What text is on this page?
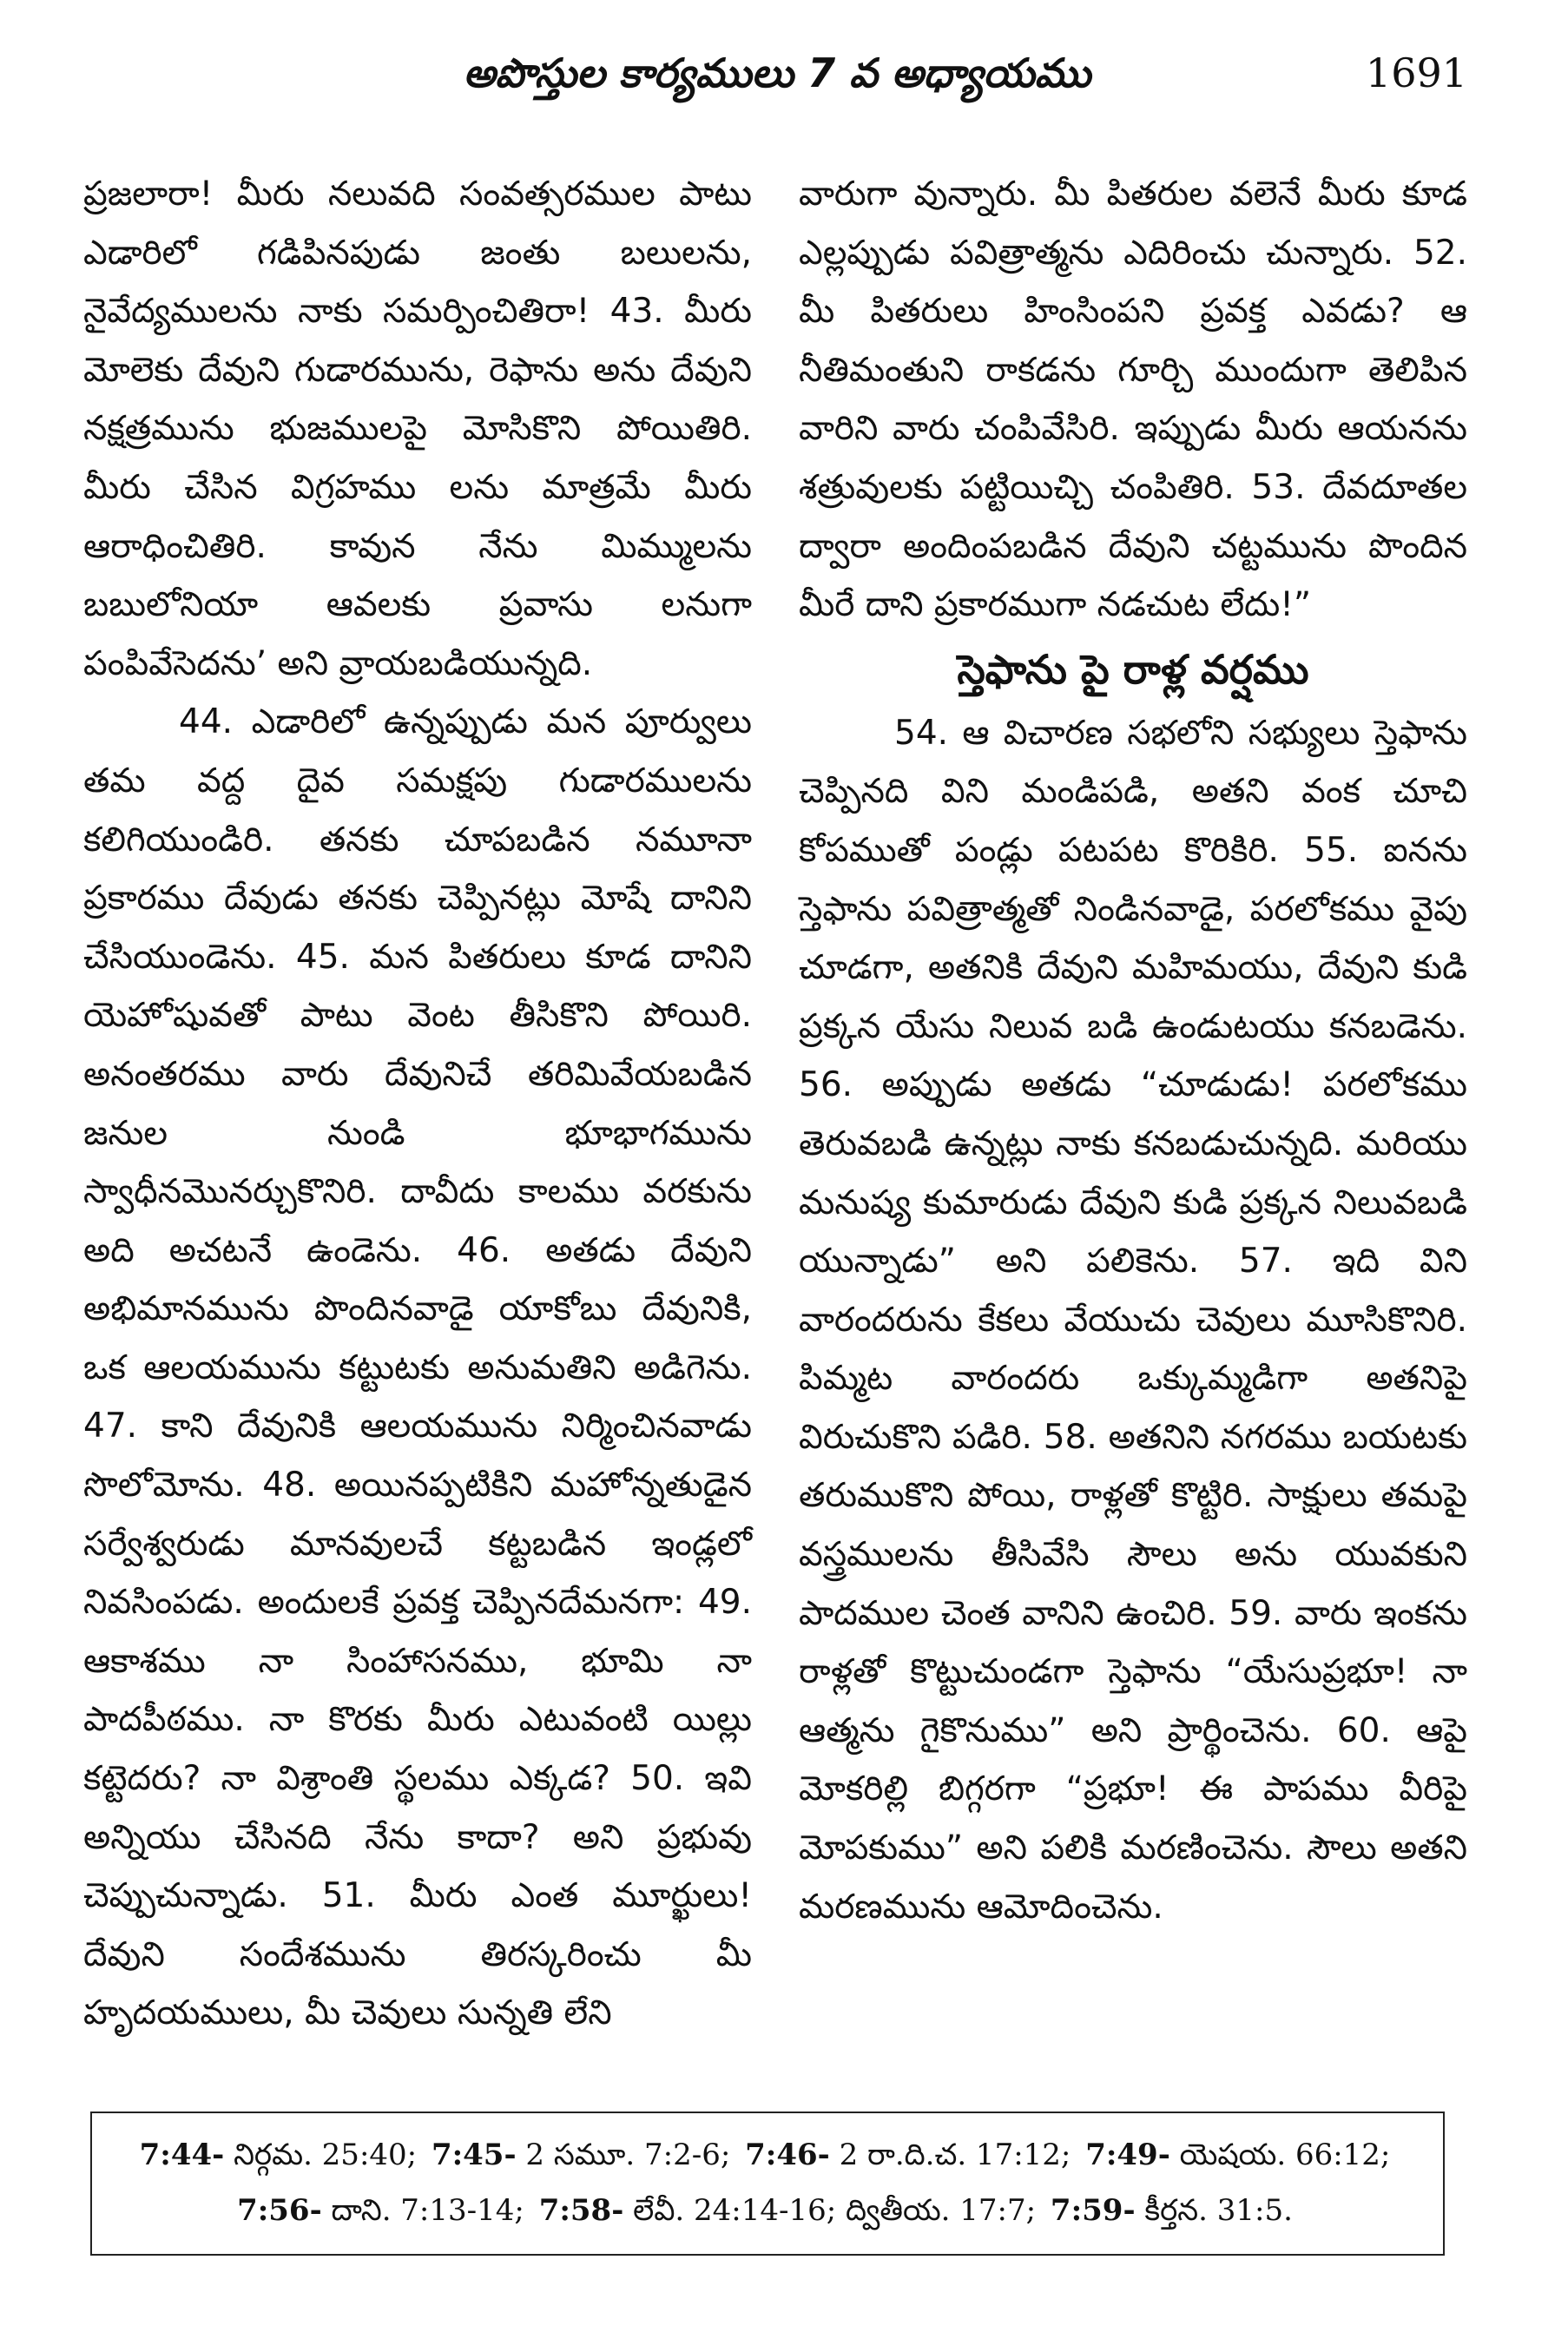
అపొస్తుల కార్యములు 7 వ అధ్యాయము	1691

ప్రజలారా! మీరు నలువది సంవత్సరముల పాటు ఎడారిలో గడిపినపుడు జంతు బలులను, నైవేద్యములను నాకు సమర్పించితిరా! 43. మీరు మోలెకు దేవుని గుడారమును, రెఫాను అను దేవుని నక్షత్రమును భుజములపై మోసికొని పోయితిరి. మీరు చేసిన విగ్రహము లను మాత్రమే మీరు ఆరాధించితిరి. కావున నేను మిమ్ములను బబులోనియా ఆవలకు ప్రవాసు లనుగా పంపివేసెదను’ అని వ్రాయబడియున్నది.

44. ఎడారిలో ఉన్నప్పుడు మన పూర్వులు తమ వద్ద దైవ సమక్షపు గుడారములను కలిగియుండిరి. తనకు చూపబడిన నమూనా ప్రకారము దేవుడు తనకు చెప్పినట్లు మోషే దానిని చేసియుండెను. 45. మన పితరులు కూడ దానిని యెహోషువతో పాటు వెంట తీసికొని పోయిరి. అనంతరము వారు దేవునిచే తరిమివేయబడిన జనుల నుండి భూభాగమును స్వాధీనమొనర్చుకొనిరి. దావీదు కాలము వరకును అది అచటనే ఉండెను. 46. అతడు దేవుని అభిమానమును పొందినవాడై యాకోబు దేవునికి, ఒక ఆలయమును కట్టుటకు అనుమతిని అడిగెను. 47. కాని దేవునికి ఆలయమును నిర్మించినవాడు సొలోమోను. 48. అయినప్పటికిని మహోన్నతుడైన సర్వేశ్వరుడు మానవులచే కట్టబడిన ఇండ్లలో నివసింపడు. అందులకే ప్రవక్త చెప్పినదేమనగా: 49. ఆకాశము నా సింహాసనము, భూమి నా పాదపీఠము. నా కొరకు మీరు ఎటువంటి యిల్లు కట్టెదరు? నా విశ్రాంతి స్థలము ఎక్కడ? 50. ఇవి అన్నియు చేసినది నేను కాదా? అని ప్రభువు చెప్పుచున్నాడు. 51. మీరు ఎంత మూర్ఖులు! దేవుని సందేశమును తిరస్కరించు మీ హృదయములు, మీ చెవులు సున్నతి లేని

వారుగా వున్నారు. మీ పితరుల వలెనే మీరు కూడ ఎల్లప్పుడు పవిత్రాత్మను ఎదిరించు చున్నారు. 52. మీ పితరులు హింసింపని ప్రవక్త ఎవడు? ఆ నీతిమంతుని రాకడను గూర్చి ముందుగా తెలిపిన వారిని వారు చంపివేసిరి. ఇప్పుడు మీరు ఆయనను శత్రువులకు పట్టియిచ్చి చంపితిరి. 53. దేవదూతల ద్వారా అందింపబడిన దేవుని చట్టమును పొందిన మీరే దాని ప్రకారముగా నడచుట లేదు!”

స్తెఫాను పై రాళ్ల వర్షము

54. ఆ విచారణ సభలోని సభ్యులు స్తెఫాను చెప్పినది విని మండిపడి, అతని వంక చూచి కోపముతో పండ్లు పటపట కొరికిరి. 55. ఐనను స్తెఫాను పవిత్రాత్మతో నిండినవాడై, పరలోకము వైపు చూడగా, అతనికి దేవుని మహిమయు, దేవుని కుడి ప్రక్కన యేసు నిలువ బడి ఉండుటయు కనబడెను. 56. అప్పుడు అతడు “చూడుడు! పరలోకము తెరువబడి ఉన్నట్లు నాకు కనబడుచున్నది. మరియు మనుష్య కుమారుడు దేవుని కుడి ప్రక్కన నిలువబడి యున్నాడు” అని పలికెను. 57. ఇది విని వారందరును కేకలు వేయుచు చెవులు మూసికొనిరి. పిమ్మట వారందరు ఒక్కుమ్మడిగా అతనిపై విరుచుకొని పడిరి. 58. అతనిని నగరము బయటకు తరుముకొని పోయి, రాళ్లతో కొట్టిరి. సాక్షులు తమపై వస్త్రములను తీసివేసి సౌలు అను యువకుని పాదముల చెంత వానిని ఉంచిరి. 59. వారు ఇంకను రాళ్లతో కొట్టుచుండగా స్తెఫాను “యేసుప్రభూ! నా ఆత్మను గైకొనుము” అని ప్రార్థించెను. 60. ఆపై మోకరిల్లి బిగ్గరగా “ప్రభూ! ఈ పాపము వీరిపై మోపకుము” అని పలికి మరణించెను. సౌలు అతని మరణమును ఆమోదించెను.

7:44- నిర్గమ. 25:40; 7:45- 2 సమూ. 7:2-6; 7:46- 2 రా.ది.చ. 17:12; 7:49- యెషయ. 66:12;
7:56- దాని. 7:13-14; 7:58- లేవీ. 24:14-16; ద్వితీయ. 17:7; 7:59- కీర్తన. 31:5.
